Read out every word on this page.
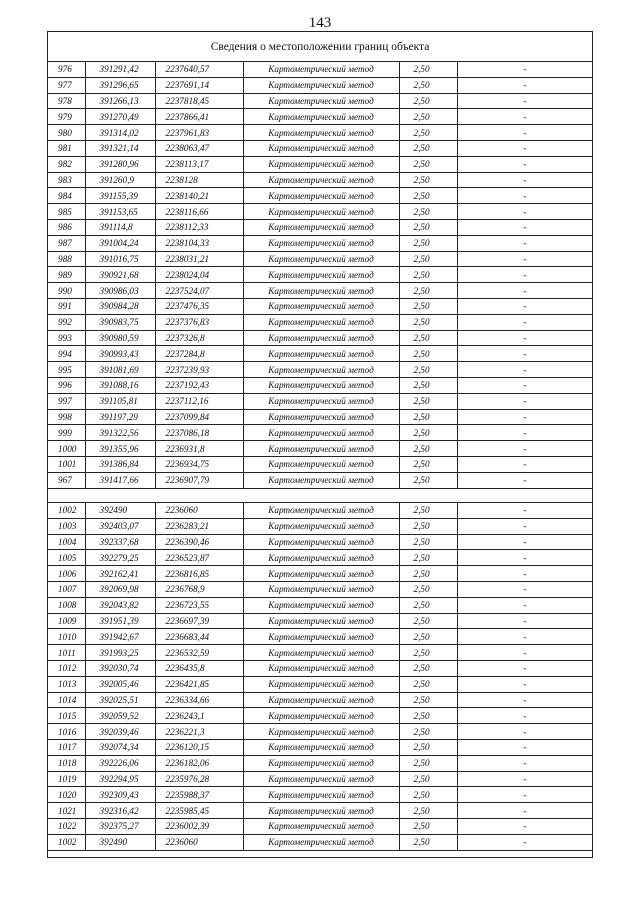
143
Сведения о местоположении границ объекта
976	391291,42	2237640,57	Картометрический метод	2,50	-
977	391296,65	2237691,14	Картометрический метод	2,50	-
978	391266,13	2237818,45	Картометрический метод	2,50	-
979	391270,49	2237866,41	Картометрический метод	2,50	-
980	391314,02	2237961,83	Картометрический метод	2,50	-
981	391321,14	2238063,47	Картометрический метод	2,50	-
982	391280,96	2238113,17	Картометрический метод	2,50	-
983	391260,9	2238128	Картометрический метод	2,50	-
984	391155,39	2238140,21	Картометрический метод	2,50	-
985	391153,65	2238116,66	Картометрический метод	2,50	-
986	391114,8	2238112,33	Картометрический метод	2,50	-
987	391004,24	2238104,33	Картометрический метод	2,50	-
988	391016,75	2238031,21	Картометрический метод	2,50	-
989	390921,68	2238024,04	Картометрический метод	2,50	-
990	390986,03	2237524,07	Картометрический метод	2,50	-
991	390984,28	2237476,35	Картометрический метод	2,50	-
992	390983,75	2237376,83	Картометрический метод	2,50	-
993	390980,59	2237326,8	Картометрический метод	2,50	-
994	390993,43	2237284,8	Картометрический метод	2,50	-
995	391081,69	2237239,93	Картометрический метод	2,50	-
996	391088,16	2237192,43	Картометрический метод	2,50	-
997	391105,81	2237112,16	Картометрический метод	2,50	-
998	391197,29	2237099,84	Картометрический метод	2,50	-
999	391322,56	2237086,18	Картометрический метод	2,50	-
1000	391355,96	2236931,8	Картометрический метод	2,50	-
1001	391386,84	2236934,75	Картометрический метод	2,50	-
967	391417,66	2236907,79	Картометрический метод	2,50	-
1002	392490	2236060	Картометрический метод	2,50	-
1003	392403,07	2236283,21	Картометрический метод	2,50	-
1004	392337,68	2236390,46	Картометрический метод	2,50	-
1005	392279,25	2236523,87	Картометрический метод	2,50	-
1006	392162,41	2236816,85	Картометрический метод	2,50	-
1007	392069,98	2236768,9	Картометрический метод	2,50	-
1008	392043,82	2236723,55	Картометрический метод	2,50	-
1009	391951,39	2236697,39	Картометрический метод	2,50	-
1010	391942,67	2236683,44	Картометрический метод	2,50	-
1011	391993,25	2236532,59	Картометрический метод	2,50	-
1012	392030,74	2236435,8	Картометрический метод	2,50	-
1013	392005,46	2236421,85	Картометрический метод	2,50	-
1014	392025,51	2236334,66	Картометрический метод	2,50	-
1015	392059,52	2236243,1	Картометрический метод	2,50	-
1016	392039,46	2236221,3	Картометрический метод	2,50	-
1017	392074,34	2236120,15	Картометрический метод	2,50	-
1018	392226,06	2236182,06	Картометрический метод	2,50	-
1019	392294,95	2235976,28	Картометрический метод	2,50	-
1020	392309,43	2235988,37	Картометрический метод	2,50	-
1021	392316,42	2235985,45	Картометрический метод	2,50	-
1022	392375,27	2236002,39	Картометрический метод	2,50	-
1002	392490	2236060	Картометрический метод	2,50	-
